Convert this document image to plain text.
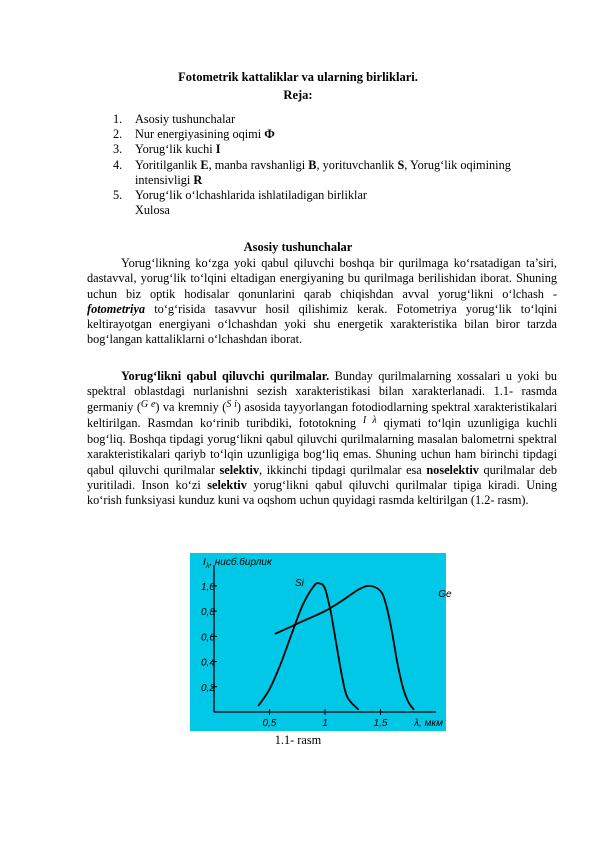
Fotometrik kattaliklar va ularning birliklari.
Reja:
1.	Asosiy tushunchalar
2.	Nur energiyasining oqimi Ф
3.	Yorug‘lik kuchi I
4.	Yoritilganlik E, manba ravshanligi B, yorituvchanlik S, Yorug‘lik oqimining intensivligi R
5.	Yorug‘lik o‘lchashlarida ishlatiladigan birliklar
Xulosa
Asosiy tushunchalar

Yorug‘likning ko‘zga yoki qabul qiluvchi boshqa bir qurilmaga ko‘rsatadigan ta’siri, dastavval, yorug‘lik to‘lqini eltadigan energiyaning bu qurilmaga berilishidan iborat. Shuning uchun biz optik hodisalar qonunlarini qarab chiqishdan avval yorug‘likni o‘lchash - fotometriya to‘g‘risida tasavvur hosil qilishimiz kerak. Fotometriya yorug‘lik to‘lqini keltirayotgan energiyani o‘lchashdan yoki shu energetik xarakteristika bilan biror tarzda bog‘langan kattaliklarni o‘lchashdan iborat.

Yorug‘likni qabul qiluvchi qurilmalar. Bunday qurilmalarning xossalari u yoki bu spektral oblastdagi nurlanishni sezish xarakteristikasi bilan xarakterlanadi. 1.1- rasmda germaniy ($^{G e}$) va kremniy ($^{S i}$) asosida tayyorlangan fotodiodlarning spektral xarakteristikalari keltirilgan. Rasmdan ko‘rinib turibdiki, fototokning $^{I \lambda}$ qiymati to‘lqin uzunligiga kuchli bog‘liq. Boshqa tipdagi yorug‘likni qabul qiluvchi qurilmalarning masalan balometrni spektral xarakteristikalari qariyb to‘lqin uzunligiga bog‘liq emas. Shuning uchun ham birinchi tipdagi qabul qiluvchi qurilmalar selektiv, ikkinchi tipdagi qurilmalar esa noselektiv qurilmalar deb yuritiladi. Inson ko‘zi selektiv yorug‘likni qabul qiluvchi qurilmalar tipiga kiradi. Uning ko‘rish funksiyasi kunduz kuni va oqshom uchun quyidagi rasmda keltirilgan (1.2- rasm).

1,0
0,8
0,6
0,4
0,2
0,5	1	1,5
$I_\lambda$, нисб.бирлик
λ, мкм
Si
Ge
1.1- rasm
